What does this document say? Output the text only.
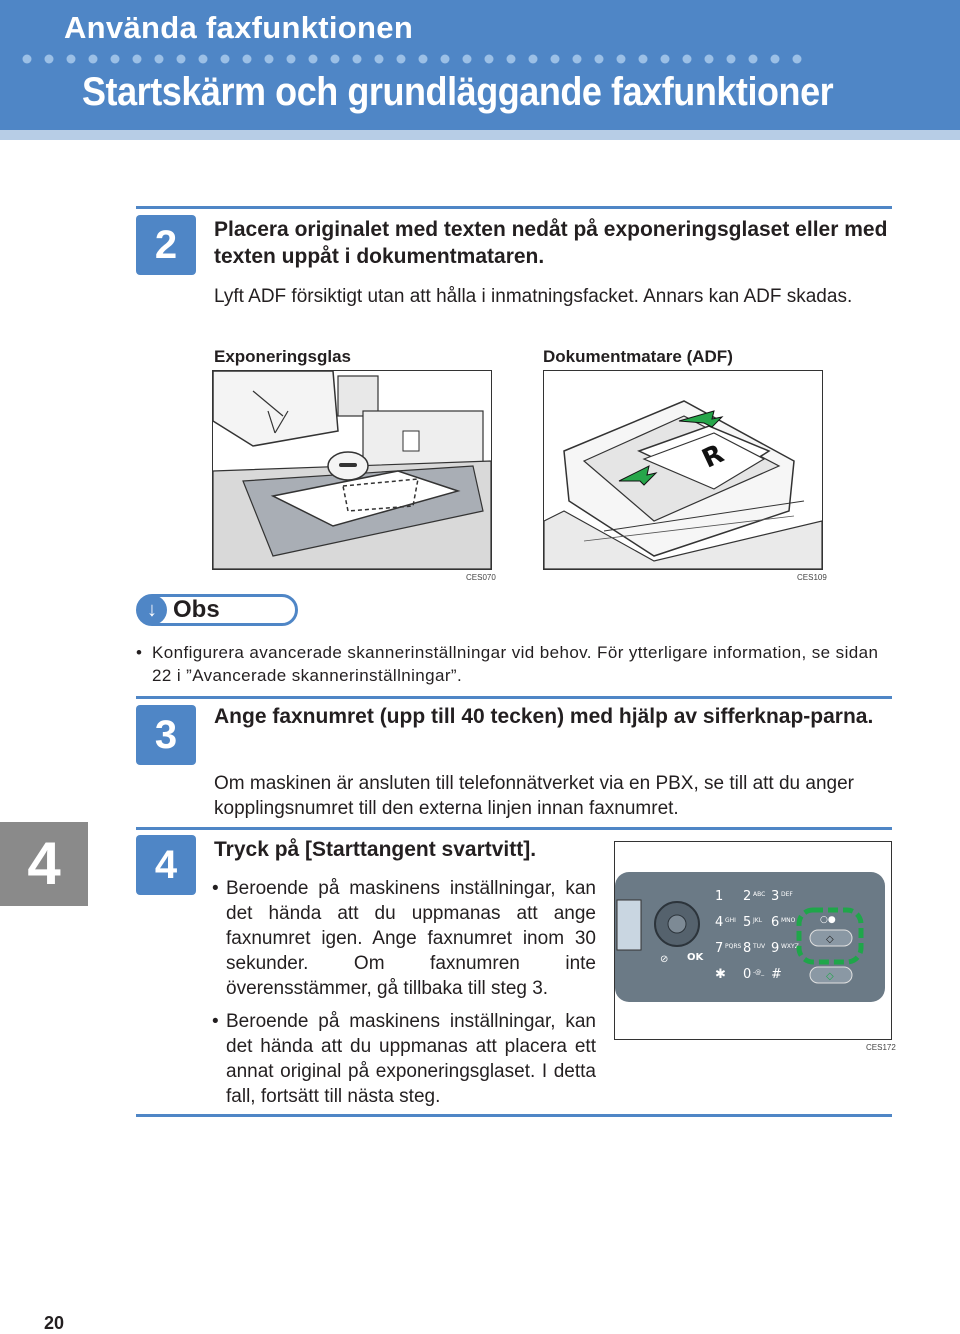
Använda faxfunktionen
Startskärm och grundläggande faxfunktioner
2	Placera originalet med texten nedåt på exponeringsglaset eller med texten uppåt i dokumentmataren.
Lyft ADF försiktigt utan att hålla i inmatningsfacket. Annars kan ADF skadas.
Exponeringsglas	Dokumentmatare (ADF)
CES070
R
CES109
↓ Obs
• Konfigurera avancerade skannerinställningar vid behov. För ytterligare information, se sidan 22 i ”Avancerade skannerinställningar”.
3	Ange faxnumret (upp till 40 tecken) med hjälp av sifferknap-parna.
Om maskinen är ansluten till telefonnätverket via en PBX, se till att du anger kopplingsnumret till den externa linjen innan faxnumret.
4	4	Tryck på [Starttangent svartvitt].
• Beroende på maskinens inställningar, kan det hända att du uppmanas att ange faxnumret igen. Ange faxnumret inom 30 sekunder. Om faxnumren inte överensstämmer, gå tillbaka till steg 3.
• Beroende på maskinens inställningar, kan det hända att du uppmanas att placera ett annat original på exponeringsglaset. I detta fall, fortsätt till nästa steg.
⊘ OK
1 2 ABC 3 DEF
4 GHI 5 JKL 6 MNO
7 PQRS 8 TUV 9 WXYZ
✱ 0 -@_ #
◇
◇
○●
CES172
20
